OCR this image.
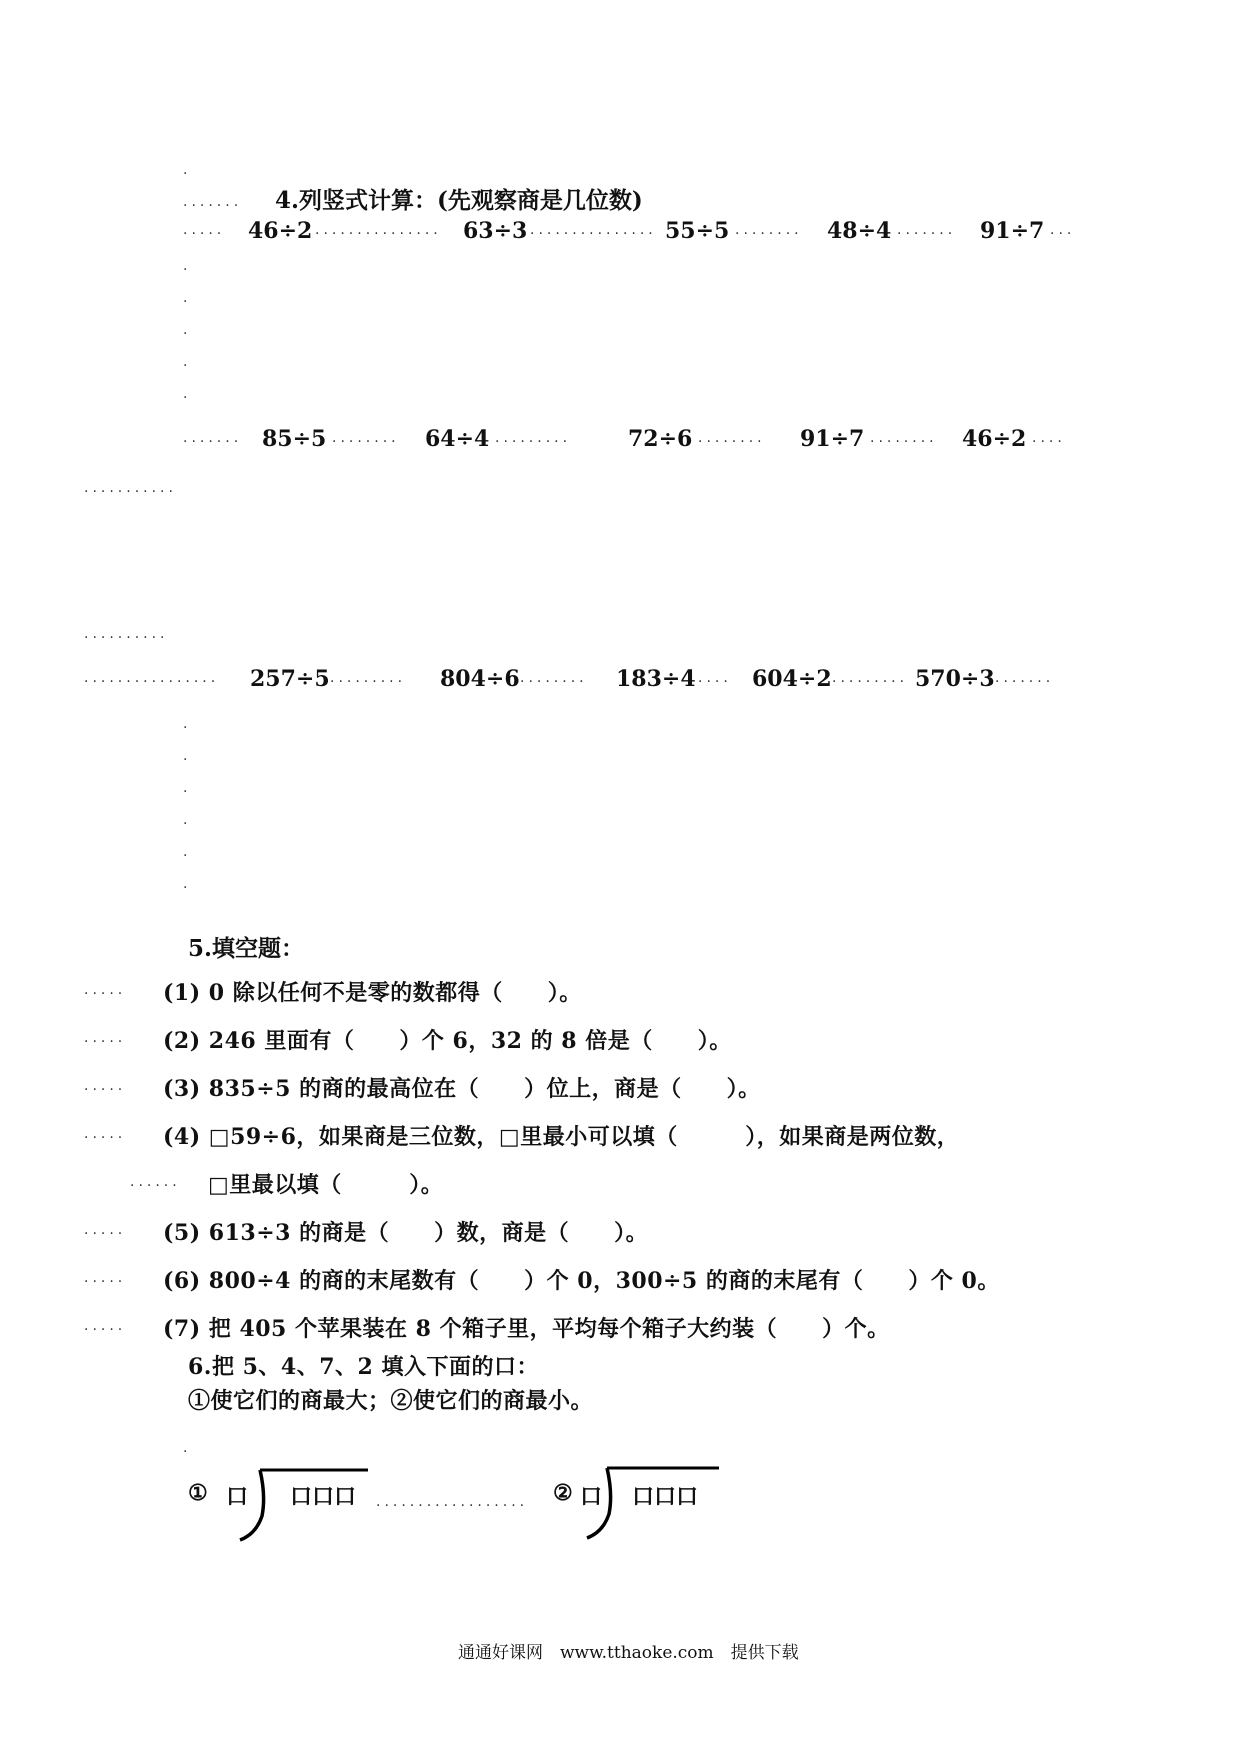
.
....... 4.列竖式计算：(先观察商是几位数)
..... 46÷2 ............... 63÷3 ............... 55÷5 ........ 48÷4 ....... 91÷7 ...
.
.
.
.
.
....... 85÷5 ........ 64÷4 .........	72÷6 ........ 91÷7 ........ 46÷2 ....
...........
..........
................ 257÷5 ......... 804÷6 ........ 183÷4 .... 604÷2 ......... 570÷3 .......
.
.
.
.
.
.
5.填空题：
..... (1) 0 除以任何不是零的数都得（　　）。
..... (2) 246 里面有（　　）个 6，32 的 8 倍是（　　）。
..... (3) 835÷5 的商的最高位在（　　）位上，商是（　　）。
..... (4) □59÷6，如果商是三位数，□里最小可以填（　　　），如果商是两位数，
...... □里最以填（　　　）。
..... (5) 613÷3 的商是（　　）数，商是（　　）。
..... (6) 800÷4 的商的末尾数有（　　）个 0，300÷5 的商的末尾有（　　）个 0。
..... (7) 把 405 个苹果装在 8 个箱子里，平均每个箱子大约装（　　）个。
6.把 5、4、7、2 填入下面的口：
①使它们的商最大；②使它们的商最小。
.
① 口 口口口 .................. ② 口 口口口
通通好课网　www.tthaoke.com　提供下载
